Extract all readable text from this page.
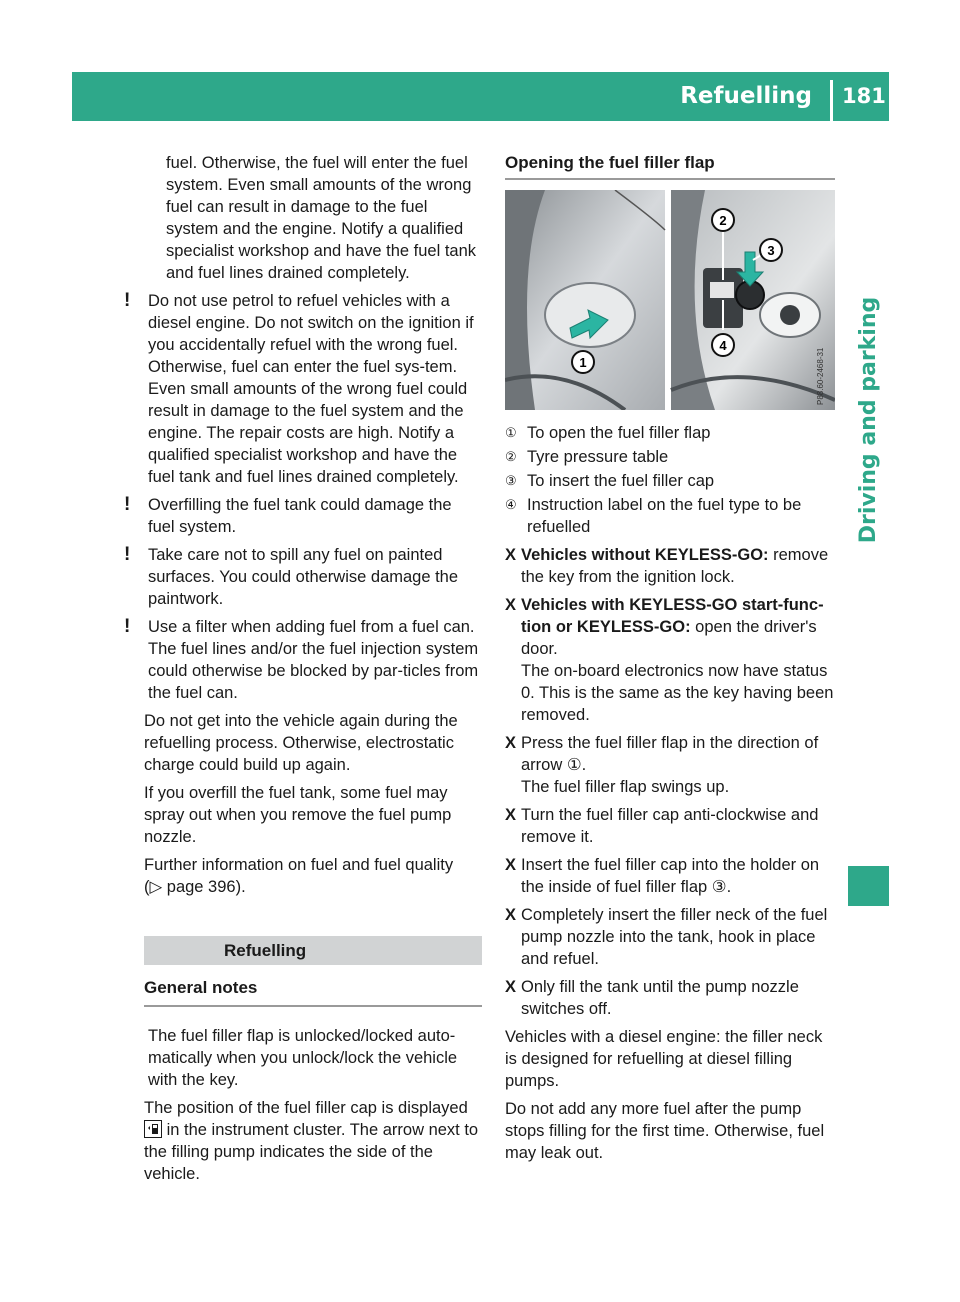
Refuelling	181
Driving and parking
fuel. Otherwise, the fuel will enter the fuel system. Even small amounts of the wrong fuel can result in damage to the fuel system and the engine. Notify a qualified specialist workshop and have the fuel tank and fuel lines drained completely.
! Do not use petrol to refuel vehicles with a diesel engine. Do not switch on the ignition if you accidentally refuel with the wrong fuel. Otherwise, fuel can enter the fuel sys-tem. Even small amounts of the wrong fuel could result in damage to the fuel system and the engine. The repair costs are high. Notify a qualified specialist workshop and have the fuel tank and fuel lines drained completely.
! Overfilling the fuel tank could damage the fuel system.
! Take care not to spill any fuel on painted surfaces. You could otherwise damage the paintwork.
! Use a filter when adding fuel from a fuel can. The fuel lines and/or the fuel injection system could otherwise be blocked by par-ticles from the fuel can.
Do not get into the vehicle again during the refuelling process. Otherwise, electrostatic charge could build up again.
If you overfill the fuel tank, some fuel may spray out when you remove the fuel pump nozzle.
Further information on fuel and fuel quality
(▷ page 396).
Refuelling
General notes
The fuel filler flap is unlocked/locked auto-matically when you unlock/lock the vehicle with the key.
The position of the fuel filler cap is displayed
in the instrument cluster. The arrow next to the filling pump indicates the side of the vehicle.
Opening the fuel filler flap
P88.60-2468-31
1
2
3
4
① To open the fuel filler flap
② Tyre pressure table
③ To insert the fuel filler cap
④ Instruction label on the fuel type to be refuelled
X Vehicles without KEYLESS-GO: remove the key from the ignition lock.
X Vehicles with KEYLESS-GO start-func-tion or KEYLESS-GO: open the driver's door.
The on-board electronics now have status 0. This is the same as the key having been removed.
X Press the fuel filler flap in the direction of arrow ①.
The fuel filler flap swings up.
X Turn the fuel filler cap anti-clockwise and remove it.
X Insert the fuel filler cap into the holder on the inside of fuel filler flap ③.
X Completely insert the filler neck of the fuel pump nozzle into the tank, hook in place and refuel.
X Only fill the tank until the pump nozzle switches off.
Vehicles with a diesel engine: the filler neck is designed for refuelling at diesel filling pumps.
Do not add any more fuel after the pump stops filling for the first time. Otherwise, fuel may leak out.
